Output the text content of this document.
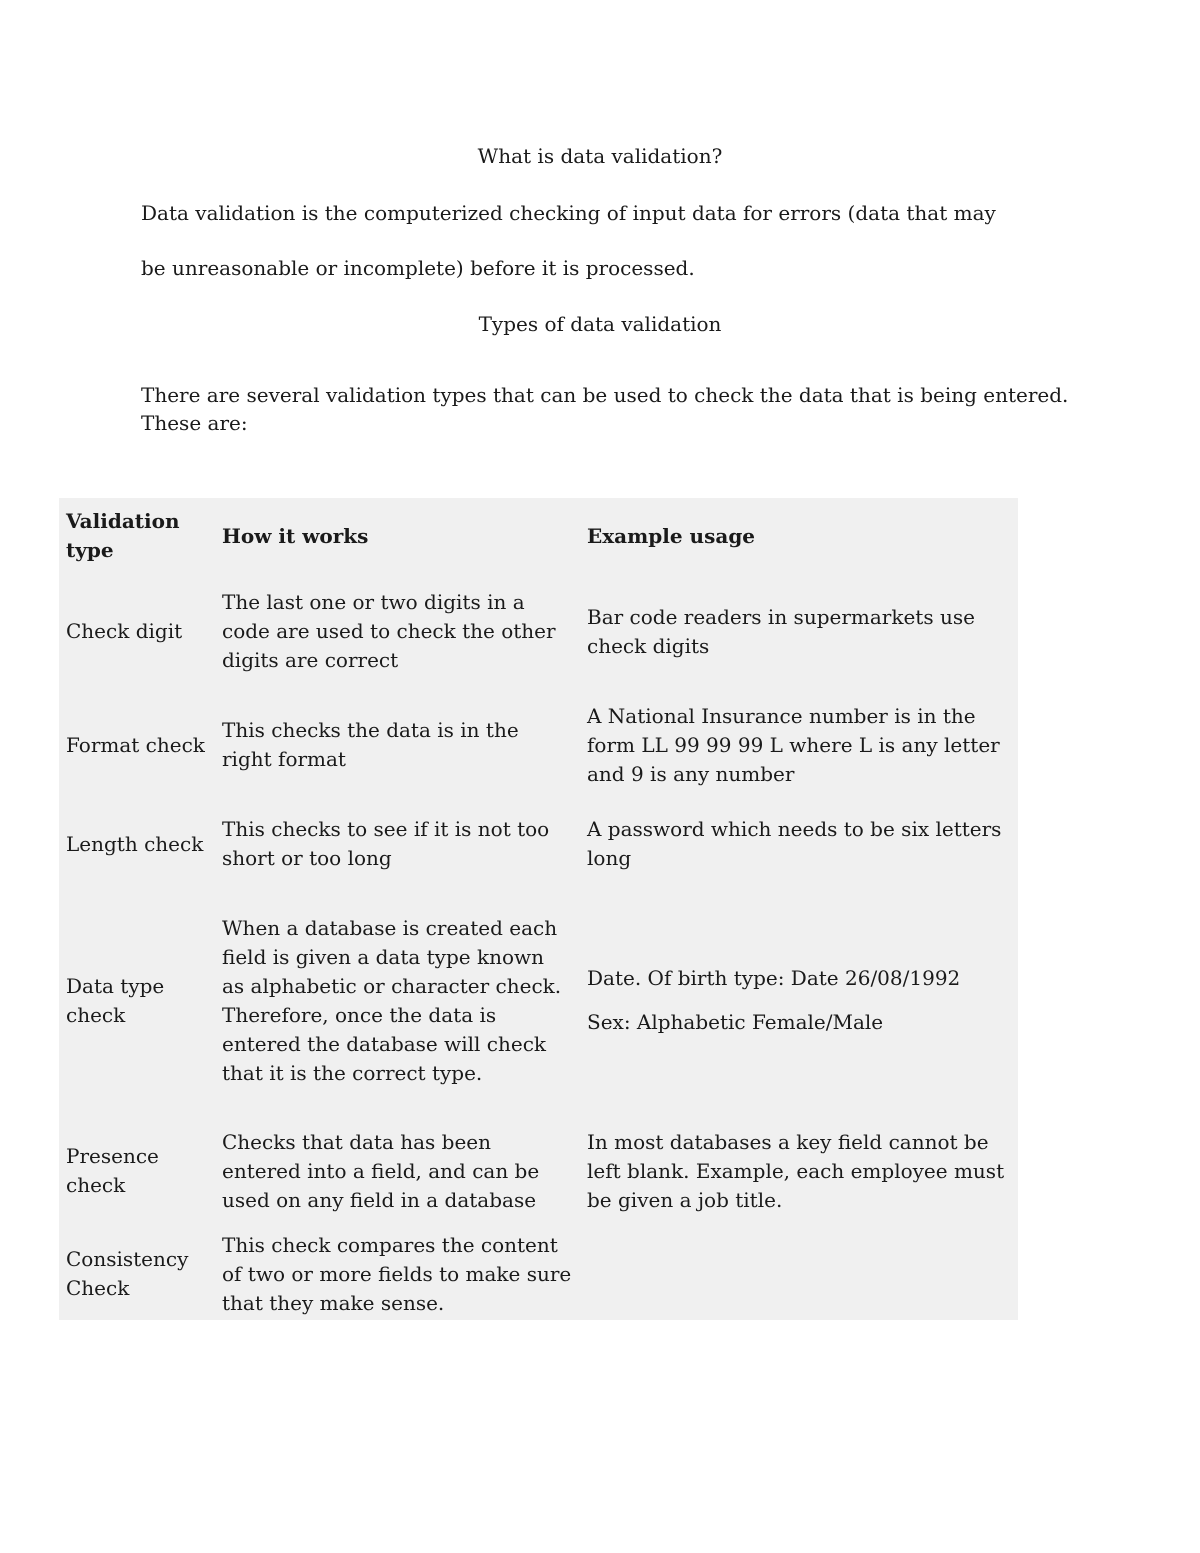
What is data validation?
Data validation is the computerized checking of input data for errors (data that may be unreasonable or incomplete) before it is processed.
Types of data validation
There are several validation types that can be used to check the data that is being entered. These are:
Validation type	How it works	Example usage
Check digit	The last one or two digits in a code are used to check the other digits are correct	Bar code readers in supermarkets use check digits

Format check	This checks the data is in the right format	A National Insurance number is in the form LL 99 99 99 L where L is any letter and 9 is any number

Length check	This checks to see if it is not too short or too long	A password which needs to be six letters long

Data type check	When a database is created each field is given a data type known as alphabetic or character check. Therefore, once the data is entered the database will check that it is the correct type.	Date. Of birth type: Date 26/08/1992

Sex: Alphabetic Female/Male

Presence check	Checks that data has been entered into a field, and can be used on any field in a database	In most databases a key field cannot be left blank. Example, each employee must be given a job title.

Consistency Check	This check compares the content of two or more fields to make sure that they make sense.	
